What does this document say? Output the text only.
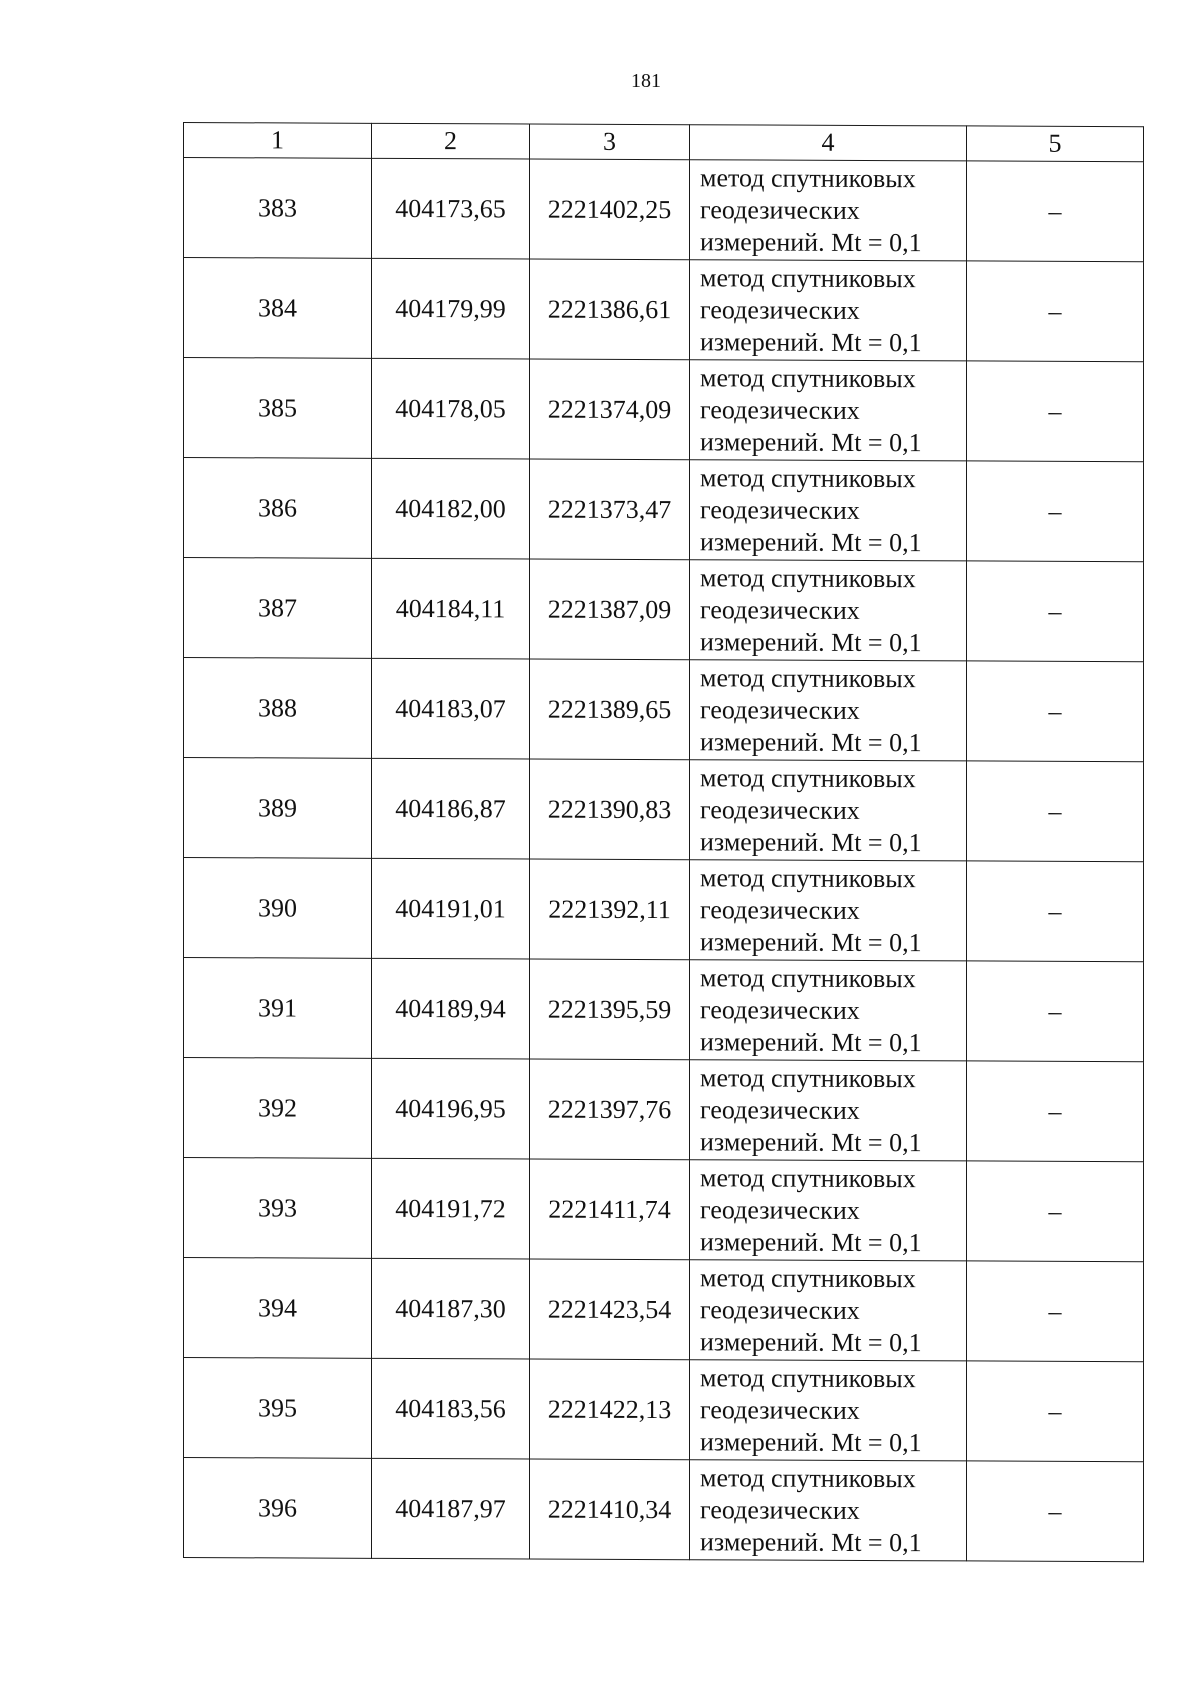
181
1	2	3	4	5
383	404173,65	2221402,25	метод спутниковых
геодезических
измерений. Mt = 0,1	–
384	404179,99	2221386,61	метод спутниковых
геодезических
измерений. Mt = 0,1	–
385	404178,05	2221374,09	метод спутниковых
геодезических
измерений. Mt = 0,1	–
386	404182,00	2221373,47	метод спутниковых
геодезических
измерений. Mt = 0,1	–
387	404184,11	2221387,09	метод спутниковых
геодезических
измерений. Mt = 0,1	–
388	404183,07	2221389,65	метод спутниковых
геодезических
измерений. Mt = 0,1	–
389	404186,87	2221390,83	метод спутниковых
геодезических
измерений. Mt = 0,1	–
390	404191,01	2221392,11	метод спутниковых
геодезических
измерений. Mt = 0,1	–
391	404189,94	2221395,59	метод спутниковых
геодезических
измерений. Mt = 0,1	–
392	404196,95	2221397,76	метод спутниковых
геодезических
измерений. Mt = 0,1	–
393	404191,72	2221411,74	метод спутниковых
геодезических
измерений. Mt = 0,1	–
394	404187,30	2221423,54	метод спутниковых
геодезических
измерений. Mt = 0,1	–
395	404183,56	2221422,13	метод спутниковых
геодезических
измерений. Mt = 0,1	–
396	404187,97	2221410,34	метод спутниковых
геодезических
измерений. Mt = 0,1	–
